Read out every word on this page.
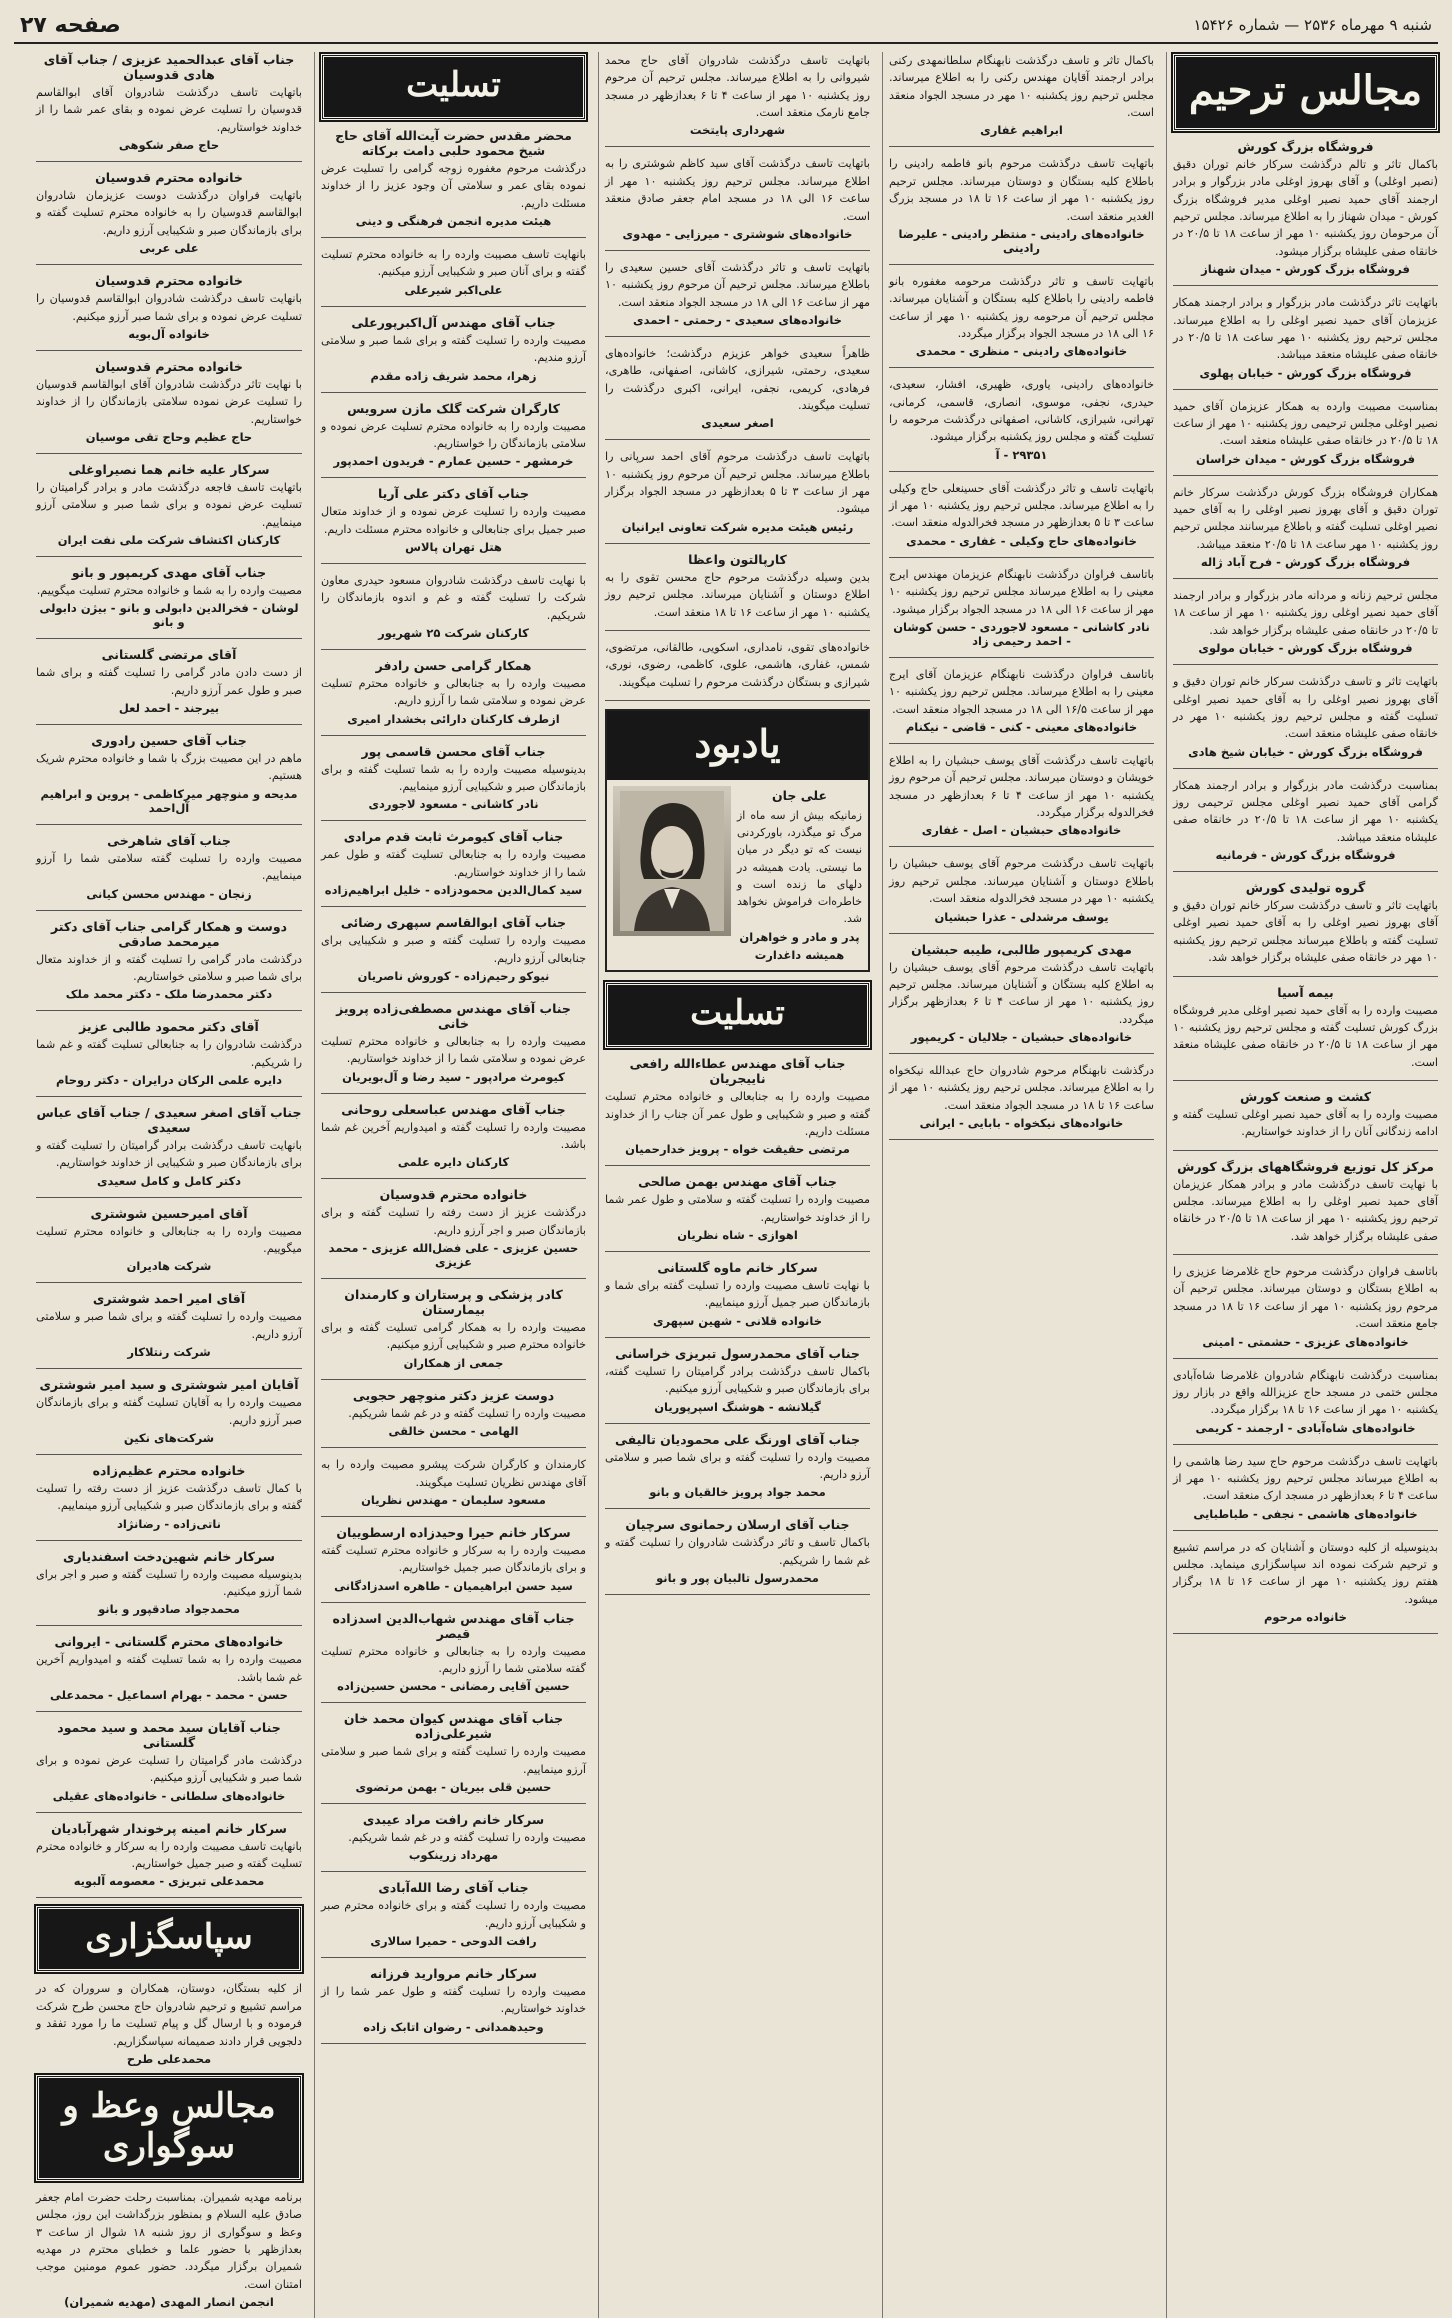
شنبه ۹ مهرماه ۲۵۳۶ — شماره ۱۵۴۲۶
صفحه ۲۷
مجالس ترحیم
فروشگاه بزرگ کورش
باکمال تاثر و تالم درگذشت سرکار خانم توران دقیق (نصیر اوغلی) و آقای بهروز اوغلی مادر بزرگوار و برادر ارجمند آقای حمید نصیر اوغلی مدیر فروشگاه بزرگ کورش - میدان شهناز را به اطلاع میرساند. مجلس ترحیم آن مرحومان روز یکشنبه ۱۰ مهر از ساعت ۱۸ تا ۲۰/۵ در خانقاه صفی علیشاه برگزار میشود.
فروشگاه بزرگ کورش - میدان شهناز
باتهایت تاثر درگذشت مادر بزرگوار و برادر ارجمند همکار عزیزمان آقای حمید نصیر اوغلی را به اطلاع میرساند. مجلس ترحیم روز یکشنبه ۱۰ مهر ساعت ۱۸ تا ۲۰/۵ در خانقاه صفی علیشاه منعقد میباشد.
فروشگاه بزرگ کورش - خیابان پهلوی
بمناسبت مصیبت وارده به همکار عزیزمان آقای حمید نصیر اوغلی مجلس ترحیمی روز یکشنبه ۱۰ مهر از ساعت ۱۸ تا ۲۰/۵ در خانقاه صفی علیشاه منعقد است.
فروشگاه بزرگ کورش - میدان خراسان
همکاران فروشگاه بزرگ کورش درگذشت سرکار خانم توران دقیق و آقای بهروز نصیر اوغلی را به آقای حمید نصیر اوغلی تسلیت گفته و باطلاع میرسانند مجلس ترحیم روز یکشنبه ۱۰ مهر ساعت ۱۸ تا ۲۰/۵ منعقد میباشد.
فروشگاه بزرگ کورش - فرح آباد ژاله
مجلس ترحیم زنانه و مردانه مادر بزرگوار و برادر ارجمند آقای حمید نصیر اوغلی روز یکشنبه ۱۰ مهر از ساعت ۱۸ تا ۲۰/۵ در خانقاه صفی علیشاه برگزار خواهد شد.
فروشگاه بزرگ کورش - خیابان مولوی
باتهایت تاثر و تاسف درگذشت سرکار خانم توران دقیق و آقای بهروز نصیر اوغلی را به آقای حمید نصیر اوغلی تسلیت گفته و مجلس ترحیم روز یکشنبه ۱۰ مهر در خانقاه صفی علیشاه منعقد است.
فروشگاه بزرگ کورش - خیابان شیخ هادی
بمناسبت درگذشت مادر بزرگوار و برادر ارجمند همکار گرامی آقای حمید نصیر اوغلی مجلس ترحیمی روز یکشنبه ۱۰ مهر از ساعت ۱۸ تا ۲۰/۵ در خانقاه صفی علیشاه منعقد میباشد.
فروشگاه بزرگ کورش - فرمانیه
گروه تولیدی کورش
باتهایت تاثر و تاسف درگذشت سرکار خانم توران دقیق و آقای بهروز نصیر اوغلی را به آقای حمید نصیر اوغلی تسلیت گفته و باطلاع میرساند مجلس ترحیم روز یکشنبه ۱۰ مهر در خانقاه صفی علیشاه برگزار خواهد شد.
بیمه آسیا
مصیبت وارده را به آقای حمید نصیر اوغلی مدیر فروشگاه بزرگ کورش تسلیت گفته و مجلس ترحیم روز یکشنبه ۱۰ مهر از ساعت ۱۸ تا ۲۰/۵ در خانقاه صفی علیشاه منعقد است.
کشت و صنعت کورش
مصیبت وارده را به آقای حمید نصیر اوغلی تسلیت گفته و ادامه زندگانی آنان را از خداوند خواستاریم.
مرکز کل توزیع فروشگاههای بزرگ کورش
با نهایت تاسف درگذشت مادر و برادر همکار عزیزمان آقای حمید نصیر اوغلی را به اطلاع میرساند. مجلس ترحیم روز یکشنبه ۱۰ مهر از ساعت ۱۸ تا ۲۰/۵ در خانقاه صفی علیشاه برگزار خواهد شد.
باتاسف فراوان درگذشت مرحوم حاج غلامرضا عزیزی را به اطلاع بستگان و دوستان میرساند. مجلس ترحیم آن مرحوم روز یکشنبه ۱۰ مهر از ساعت ۱۶ تا ۱۸ در مسجد جامع منعقد است.
خانواده‌های عزیزی - حشمتی - امینی
بمناسبت درگذشت نابهنگام شادروان غلامرضا شاه‌آبادی مجلس ختمی در مسجد حاج عزیزالله واقع در بازار روز یکشنبه ۱۰ مهر از ساعت ۱۶ تا ۱۸ برگزار میگردد.
خانواده‌های شاه‌آبادی - ارجمند - کریمی
باتهایت تاسف درگذشت مرحوم حاج سید رضا هاشمی را به اطلاع میرساند مجلس ترحیم روز یکشنبه ۱۰ مهر از ساعت ۴ تا ۶ بعدازظهر در مسجد ارک منعقد است.
خانواده‌های هاشمی - نجفی - طباطبایی
بدینوسیله از کلیه دوستان و آشنایان که در مراسم تشییع و ترحیم شرکت نموده اند سپاسگزاری مینماید. مجلس هفتم روز یکشنبه ۱۰ مهر از ساعت ۱۶ تا ۱۸ برگزار میشود.
خانواده مرحوم
باکمال تاثر و تاسف درگذشت نابهنگام سلطانمهدی رکنی برادر ارجمند آقایان مهندس رکنی را به اطلاع میرساند. مجلس ترحیم روز یکشنبه ۱۰ مهر در مسجد الجواد منعقد است.
ابراهیم غفاری
باتهایت تاسف درگذشت مرحوم بانو فاطمه رادینی را باطلاع کلیه بستگان و دوستان میرساند. مجلس ترحیم روز یکشنبه ۱۰ مهر از ساعت ۱۶ تا ۱۸ در مسجد بزرگ الغدیر منعقد است.
خانواده‌های رادینی - منتظر رادینی - علیرضا رادینی
باتهایت تاسف و تاثر درگذشت مرحومه مغفوره بانو فاطمه رادینی را باطلاع کلیه بستگان و آشنایان میرساند. مجلس ترحیم آن مرحومه روز یکشنبه ۱۰ مهر از ساعت ۱۶ الی ۱۸ در مسجد الجواد برگزار میگردد.
خانواده‌های رادینی - منظری - محمدی
خانواده‌های رادینی، یاوری، ظهیری، افشار، سعیدی، حیدری، نجفی، موسوی، انصاری، قاسمی، کرمانی، تهرانی، شیرازی، کاشانی، اصفهانی درگذشت مرحومه را تسلیت گفته و مجلس روز یکشنبه برگزار میشود.
۲۹۳۵۱ - آ
باتهایت تاسف و تاثر درگذشت آقای حسینعلی حاج وکیلی را به اطلاع میرساند. مجلس ترحیم روز یکشنبه ۱۰ مهر از ساعت ۳ تا ۵ بعدازظهر در مسجد فخرالدوله منعقد است.
خانواده‌های حاج وکیلی - غفاری - محمدی
باتاسف فراوان درگذشت نابهنگام عزیزمان مهندس ایرج معینی را به اطلاع میرساند مجلس ترحیم روز یکشنبه ۱۰ مهر از ساعت ۱۶ الی ۱۸ در مسجد الجواد برگزار میشود.
نادر کاشانی - مسعود لاجوردی - حسن کوشان - احمد رحیمی زاد
باتاسف فراوان درگذشت نابهنگام عزیزمان آقای ایرج معینی را به اطلاع میرساند. مجلس ترحیم روز یکشنبه ۱۰ مهر از ساعت ۱۶/۵ الی ۱۸ در مسجد الجواد منعقد است.
خانواده‌های معینی - کنی - قاضی - نیکنام
باتهایت تاسف درگذشت آقای یوسف حبشیان را به اطلاع خویشان و دوستان میرساند. مجلس ترحیم آن مرحوم روز یکشنبه ۱۰ مهر از ساعت ۴ تا ۶ بعدازظهر در مسجد فخرالدوله برگزار میگردد.
خانواده‌های حبشیان - اصل - غفاری
باتهایت تاسف درگذشت مرحوم آقای یوسف حبشیان را باطلاع دوستان و آشنایان میرساند. مجلس ترحیم روز یکشنبه ۱۰ مهر در مسجد فخرالدوله منعقد است.
یوسف مرشدلی - عذرا حبشیان
مهدی کریمپور طالبی، طیبه حبشیان
باتهایت تاسف درگذشت مرحوم آقای یوسف حبشیان را به اطلاع کلیه بستگان و آشنایان میرساند. مجلس ترحیم روز یکشنبه ۱۰ مهر از ساعت ۴ تا ۶ بعدازظهر برگزار میگردد.
خانواده‌های حبشیان - جلالیان - کریمپور
درگذشت نابهنگام مرحوم شادروان حاج عبدالله نیکخواه را به اطلاع میرساند. مجلس ترحیم روز یکشنبه ۱۰ مهر از ساعت ۱۶ تا ۱۸ در مسجد الجواد منعقد است.
خانواده‌های نیکخواه - بابایی - ایرانی
باتهایت تاسف درگذشت شادروان آقای حاج محمد شیروانی را به اطلاع میرساند. مجلس ترحیم آن مرحوم روز یکشنبه ۱۰ مهر از ساعت ۴ تا ۶ بعدازظهر در مسجد جامع نارمک منعقد است.
شهرداری پایتخت
باتهایت تاسف درگذشت آقای سید کاظم شوشتری را به اطلاع میرساند. مجلس ترحیم روز یکشنبه ۱۰ مهر از ساعت ۱۶ الی ۱۸ در مسجد امام جعفر صادق منعقد است.
خانواده‌های شوشتری - میرزایی - مهدوی
باتهایت تاسف و تاثر درگذشت آقای حسین سعیدی را باطلاع میرساند. مجلس ترحیم آن مرحوم روز یکشنبه ۱۰ مهر از ساعت ۱۶ الی ۱۸ در مسجد الجواد منعقد است.
خانواده‌های سعیدی - رحمتی - احمدی
ظاهراً سعیدی خواهر عزیزم درگذشت؛ خانواده‌های سعیدی، رحمتی، شیرازی، کاشانی، اصفهانی، طاهری، فرهادی، کریمی، نجفی، ایرانی، اکبری درگذشت را تسلیت میگویند.
اصغر سعیدی
باتهایت تاسف درگذشت مرحوم آقای احمد سرپانی را باطلاع میرساند. مجلس ترحیم آن مرحوم روز یکشنبه ۱۰ مهر از ساعت ۳ تا ۵ بعدازظهر در مسجد الجواد برگزار میشود.
رئیس هیئت مدیره شرکت تعاونی ایرانیان
کارپالتون واعظا
بدین وسیله درگذشت مرحوم حاج محسن تقوی را به اطلاع دوستان و آشنایان میرساند. مجلس ترحیم روز یکشنبه ۱۰ مهر از ساعت ۱۶ تا ۱۸ منعقد است.
خانواده‌های تقوی، نامداری، اسکویی، طالقانی، مرتضوی، شمس، غفاری، هاشمی، علوی، کاظمی، رضوی، نوری، شیرازی و بستگان درگذشت مرحوم را تسلیت میگویند.
یادبود
علی جان
زمانیکه بیش از سه ماه از مرگ تو میگذرد، باورکردنی نیست که تو دیگر در میان ما نیستی. یادت همیشه در دلهای ما زنده است و خاطره‌ات فراموش نخواهد شد.
پدر و مادر و خواهران همیشه داغدارت
تسلیت
جناب آقای مهندس عطاءالله رافعی ناییجریان
مصیبت وارده را به جنابعالی و خانواده محترم تسلیت گفته و صبر و شکیبایی و طول عمر آن جناب را از خداوند مسئلت داریم.
مرتضی حقیقت خواه - پرویز خدارحمیان
جناب آقای مهندس بهمن صالحی
مصیبت وارده را تسلیت گفته و سلامتی و طول عمر شما را از خداوند خواستاریم.
اهوازی - شاه نظریان
سرکار خانم ماوه گلستانی
با نهایت تاسف مصیبت وارده را تسلیت گفته برای شما و بازماندگان صبر جمیل آرزو مینماییم.
خانواده قلانی - شهین سپهری
جناب آقای محمدرسول تبریزی خراسانی
باکمال تاسف درگذشت برادر گرامیتان را تسلیت گفته، برای بازماندگان صبر و شکیبایی آرزو میکنیم.
گیلانشه - هوشنگ اسپرپوریان
جناب آقای اورنگ علی محمودیان تالیفی
مصیبت وارده را تسلیت گفته و برای شما صبر و سلامتی آرزو داریم.
محمد جواد پرویز خالقیان و بانو
جناب آقای ارسلان رحمانوی سرچیان
باکمال تاسف و تاثر درگذشت شادروان را تسلیت گفته و غم شما را شریکیم.
محمدرسول تالبیان پور و بانو
تسلیت
محضر مقدس حضرت آیت‌الله آقای حاج شیخ محمود حلبی دامت برکاته
درگذشت مرحوم مغفوره زوجه گرامی را تسلیت عرض نموده بقای عمر و سلامتی آن وجود عزیز را از خداوند مسئلت داریم.
هیئت مدیره انجمن فرهنگی و دینی
بانهایت تاسف مصیبت وارده را به خانواده محترم تسلیت گفته و برای آنان صبر و شکیبایی آرزو میکنیم.
علی‌اکبر شیرعلی
جناب آقای مهندس آل‌اکبرپورعلی
مصیبت وارده را تسلیت گفته و برای شما صبر و سلامتی آرزو مندیم.
زهرا، محمد شریف زاده مقدم
کارگران شرکت گلک مازن سرویس
مصیبت وارده را به خانواده محترم تسلیت عرض نموده و سلامتی بازماندگان را خواستاریم.
خرمشهر - حسین عمارم - فریدون احمدپور
جناب آقای دکتر علی آریا
مصیبت وارده را تسلیت عرض نموده و از خداوند متعال صبر جمیل برای جنابعالی و خانواده محترم مسئلت داریم.
هتل تهران پالاس
با نهایت تاسف درگذشت شادروان مسعود حیدری معاون شرکت را تسلیت گفته و غم و اندوه بازماندگان را شریکیم.
کارکنان شرکت ۲۵ شهریور
همکار گرامی حسن رادفر
مصیبت وارده را به جنابعالی و خانواده محترم تسلیت عرض نموده و سلامتی شما را آرزو داریم.
ازطرف کارکنان دارائی بخشدار امیری
جناب آقای محسن قاسمی پور
بدینوسیله مصیبت وارده را به شما تسلیت گفته و برای بازماندگان صبر و شکیبایی آرزو مینماییم.
نادر کاشانی - مسعود لاجوردی
جناب آقای کیومرث ثابت قدم مرادی
مصیبت وارده را به جنابعالی تسلیت گفته و طول عمر شما را از خداوند خواستاریم.
سید کمال‌الدین محمودزاده - خلیل ابراهیم‌زاده
جناب آقای ابوالقاسم سپهری رضائی
مصیبت وارده را تسلیت گفته و صبر و شکیبایی برای جنابعالی آرزو داریم.
نیوکو رحیم‌زاده - کوروش ناصریان
جناب آقای مهندس مصطفی‌زاده پرویز خانی
مصیبت وارده را به جنابعالی و خانواده محترم تسلیت عرض نموده و سلامتی شما را از خداوند خواستاریم.
کیومرث مرادپور - سید رضا و آل‌بویریان
جناب آقای مهندس عباسعلی روحانی
مصیبت وارده را تسلیت گفته و امیدواریم آخرین غم شما باشد.
کارکنان دایره علمی
خانواده محترم قدوسیان
درگذشت عزیز از دست رفته را تسلیت گفته و برای بازماندگان صبر و اجر آرزو داریم.
حسین عزیزی - علی فضل‌الله عزیزی - محمد عزیزی
کادر پزشکی و پرستاران و کارمندان بیمارستان
مصیبت وارده را به همکار گرامی تسلیت گفته و برای خانواده محترم صبر و شکیبایی آرزو میکنیم.
جمعی از همکاران
دوست عزیز دکتر منوچهر حجویی
مصیبت وارده را تسلیت گفته و در غم شما شریکیم.
الهامی - محسن خالقی
کارمندان و کارگران شرکت پیشرو مصیبت وارده را به آقای مهندس نظریان تسلیت میگویند.
مسعود سلیمان - مهندس نظریان
سرکار خانم حیرا وحیدزاده ارسطوییان
مصیبت وارده را به سرکار و خانواده محترم تسلیت گفته و برای بازماندگان صبر جمیل خواستاریم.
سید حسن ابراهیمیان - طاهره اسدزادگانی
جناب آقای مهندس شهاب‌الدین اسدزاده قیصر
مصیبت وارده را به جنابعالی و خانواده محترم تسلیت گفته سلامتی شما را آرزو داریم.
حسین آقایی رمضانی - محسن حسین‌زاده
جناب آقای مهندس کیوان محمد خان شیرعلی‌زاده
مصیبت وارده را تسلیت گفته و برای شما صبر و سلامتی آرزو مینماییم.
حسین قلی بیریان - بهمن مرتضوی
سرکار خانم رافت مراد عیبدی
مصیبت وارده را تسلیت گفته و در غم شما شریکیم.
مهرداد زرینکوب
جناب آقای رضا الله‌آبادی
مصیبت وارده را تسلیت گفته و برای خانواده محترم صبر و شکیبایی آرزو داریم.
رافت الدوحی - حمیرا سالاری
سرکار خانم مروارید فرزانه
مصیبت وارده را تسلیت گفته و طول عمر شما را از خداوند خواستاریم.
وحیدهمدانی - رضوان اتابک زاده
جناب آقای عبدالحمید عزیزی / جناب آقای هادی قدوسیان
باتهایت تاسف درگذشت شادروان آقای ابوالقاسم قدوسیان را تسلیت عرض نموده و بقای عمر شما را از خداوند خواستاریم.
حاج صفر شکوهی
خانواده محترم قدوسیان
باتهایت فراوان درگذشت دوست عزیزمان شادروان ابوالقاسم قدوسیان را به خانواده محترم تسلیت گفته و برای بازماندگان صبر و شکیبایی آرزو داریم.
علی عربی
خانواده محترم قدوسیان
بانهایت تاسف درگذشت شادروان ابوالقاسم قدوسیان را تسلیت عرض نموده و برای شما صبر آرزو میکنیم.
خانواده آل‌بویه
خانواده محترم قدوسیان
با نهایت تاثر درگذشت شادروان آقای ابوالقاسم قدوسیان را تسلیت عرض نموده سلامتی بازماندگان را از خداوند خواستاریم.
حاج عظیم وحاج تقی موسیان
سرکار علیه خانم هما نصیراوغلی
باتهایت تاسف فاجعه درگذشت مادر و برادر گرامیتان را تسلیت عرض نموده و برای شما صبر و سلامتی آرزو مینماییم.
کارکنان اکتشاف شرکت ملی نفت ایران
جناب آقای مهدی کریمپور و بانو
مصیبت وارده را به شما و خانواده محترم تسلیت میگوییم.
لوشان - فخرالدین دابولی و بانو - بیژن دابولی و بانو
آقای مرتضی گلستانی
از دست دادن مادر گرامی را تسلیت گفته و برای شما صبر و طول عمر آرزو داریم.
بیرجند - احمد لعل
جناب آقای حسین رادوری
ماهم در این مصیبت بزرگ با شما و خانواده محترم شریک هستیم.
مدیحه و منوچهر میرکاظمی - پروین و ابراهیم آل‌احمد
جناب آقای شاهرخی
مصیبت وارده را تسلیت گفته سلامتی شما را آرزو مینماییم.
زنجان - مهندس محسن کیانی
دوست و همکار گرامی جناب آقای دکتر میرمحمد صادقی
درگذشت مادر گرامی را تسلیت گفته و از خداوند متعال برای شما صبر و سلامتی خواستاریم.
دکتر محمدرضا ملک - دکتر محمد ملک
آقای دکتر محمود طالبی عزیز
درگذشت شادروان را به جنابعالی تسلیت گفته و غم شما را شریکیم.
دایره علمی الرکان درایران - دکتر روحام
جناب آقای اصغر سعیدی / جناب آقای عباس سعیدی
بانهایت تاسف درگذشت برادر گرامیتان را تسلیت گفته و برای بازماندگان صبر و شکیبایی از خداوند خواستاریم.
دکتر کامل و کامل سعیدی
آقای امیرحسین شوشتری
مصیبت وارده را به جنابعالی و خانواده محترم تسلیت میگوییم.
شرکت هادیران
آقای امیر احمد شوشتری
مصیبت وارده را تسلیت گفته و برای شما صبر و سلامتی آرزو داریم.
شرکت رنتلاکار
آقایان امیر شوشتری و سید امیر شوشتری
مصیبت وارده را به آقایان تسلیت گفته و برای بازماندگان صبر آرزو داریم.
شرکت‌های نکین
خانواده محترم عظیم‌زاده
با کمال تاسف درگذشت عزیز از دست رفته را تسلیت گفته و برای بازماندگان صبر و شکیبایی آرزو مینماییم.
ناتی‌زاده - رضانژاد
سرکار خانم شهین‌دخت اسفندیاری
بدینوسیله مصیبت وارده را تسلیت گفته و صبر و اجر برای شما آرزو میکنیم.
محمدجواد صادقپور و بانو
خانواده‌های محترم گلستانی - ایروانی
مصیبت وارده را به شما تسلیت گفته و امیدواریم آخرین غم شما باشد.
حسن - محمد - بهرام اسماعیل - محمدعلی
جناب آقایان سید محمد و سید محمود گلستانی
درگذشت مادر گرامیتان را تسلیت عرض نموده و برای شما صبر و شکیبایی آرزو میکنیم.
خانواده‌های سلطانی - خانواده‌های عقیلی
سرکار خانم امینه پرخوندار شهرآبادیان
بانهایت تاسف مصیبت وارده را به سرکار و خانواده محترم تسلیت گفته و صبر جمیل خواستاریم.
محمدعلی تبریزی - معصومه آلبویه
سپاسگزاری
از کلیه بستگان، دوستان، همکاران و سروران که در مراسم تشییع و ترحیم شادروان حاج محسن طرح شرکت فرموده و با ارسال گل و پیام تسلیت ما را مورد تفقد و دلجویی قرار دادند صمیمانه سپاسگزاریم.
محمدعلی طرح
مجالس وعظ و سوگواری
برنامه مهدیه شمیران. بمناسبت رحلت حضرت امام جعفر صادق علیه السلام و بمنظور بزرگداشت این روز، مجلس وعظ و سوگواری از روز شنبه ۱۸ شوال از ساعت ۳ بعدازظهر با حضور علما و خطبای محترم در مهدیه شمیران برگزار میگردد. حضور عموم مومنین موجب امتنان است.
انجمن انصار المهدی (مهدیه شمیران)
